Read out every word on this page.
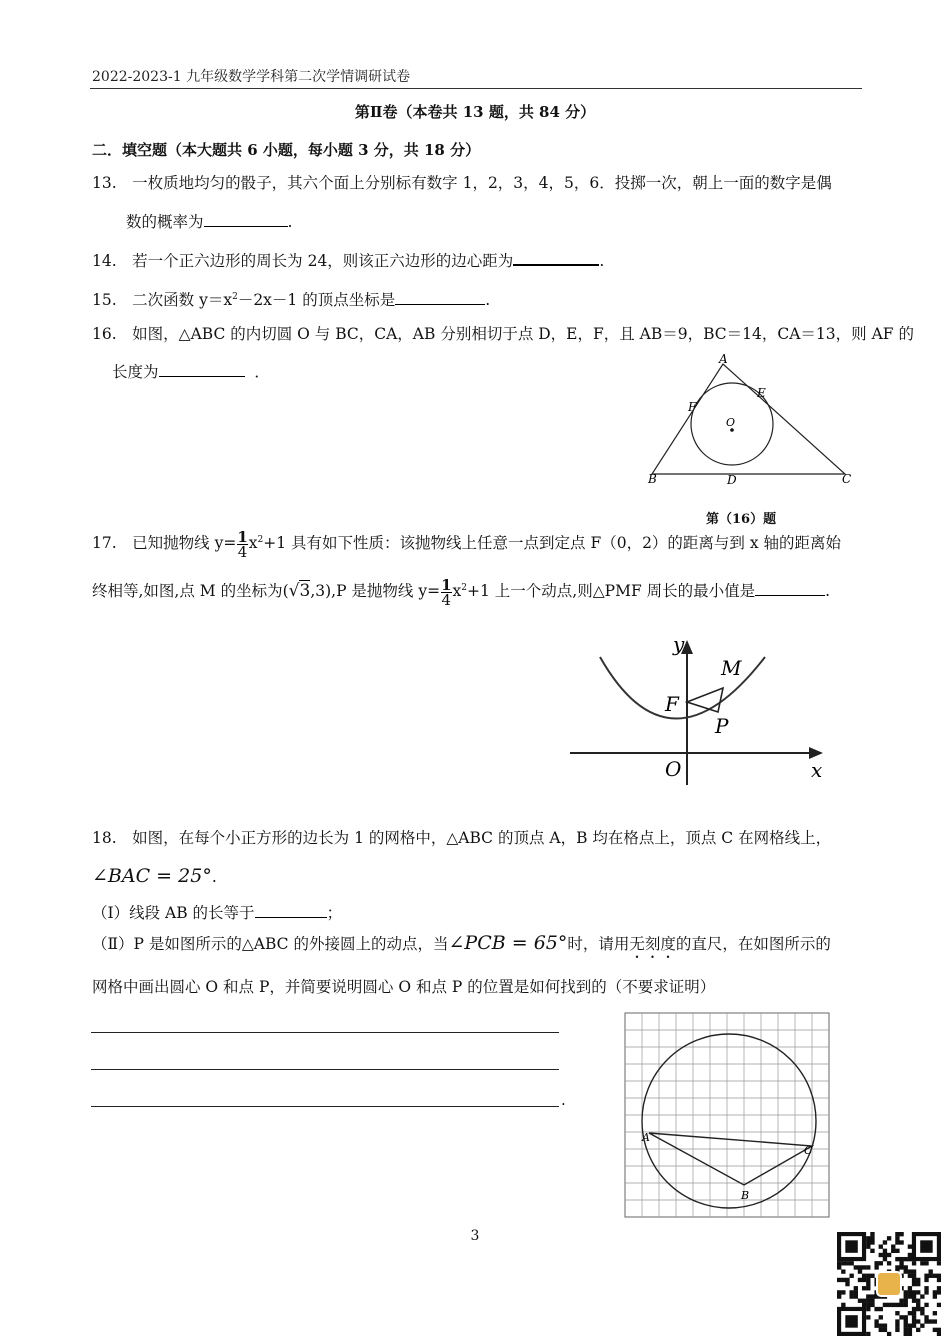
2022-2023-1 九年级数学学科第二次学情调研试卷
第Ⅱ卷（本卷共 13 题，共 84 分）
二．填空题（本大题共 6 小题，每小题 3 分，共 18 分）
13.　一枚质地均匀的骰子，其六个面上分别标有数字 1，2，3，4，5，6．投掷一次，朝上一面的数字是偶
数的概率为	.
14.　若一个正六边形的周长为 24，则该正六边形的边心距为	.
15.　二次函数 $y=x^2-2x-1$ 的顶点坐标是	.
16.　如图，△ABC 的内切圆 O 与 BC，CA，AB 分别相切于点 D，E，F，且 AB＝9，BC＝14，CA＝13，则 AF 的
长度为	．
A
B	C
D
E
F
O
第（16）题
17.　已知抛物线 $y= \frac{1}{4} x^2+1$ 具有如下性质：该抛物线上任意一点到定点 F（0，2）的距离与到 x 轴的距离始
终相等,如图,点 M 的坐标为(√3,3),P 是抛物线 $y= \frac{1}{4} x^2+1$ 上一个动点,则△PMF 周长的最小值是	.
y
x
O
F
M
P
18.　如图，在每个小正方形的边长为 1 的网格中，△ABC 的顶点 A，B 均在格点上，顶点 C 在网格线上，
∠BAC = 25°.
（Ⅰ）线段 AB 的长等于	；
（Ⅱ）P 是如图所示的△ABC 的外接圆上的动点，当∠PCB = 65°时，请用无刻度的直尺，在如图所示的
网格中画出圆心 O 和点 P，并简要说明圆心 O 和点 P 的位置是如何找到的（不要求证明）
.
A
B
C
3
